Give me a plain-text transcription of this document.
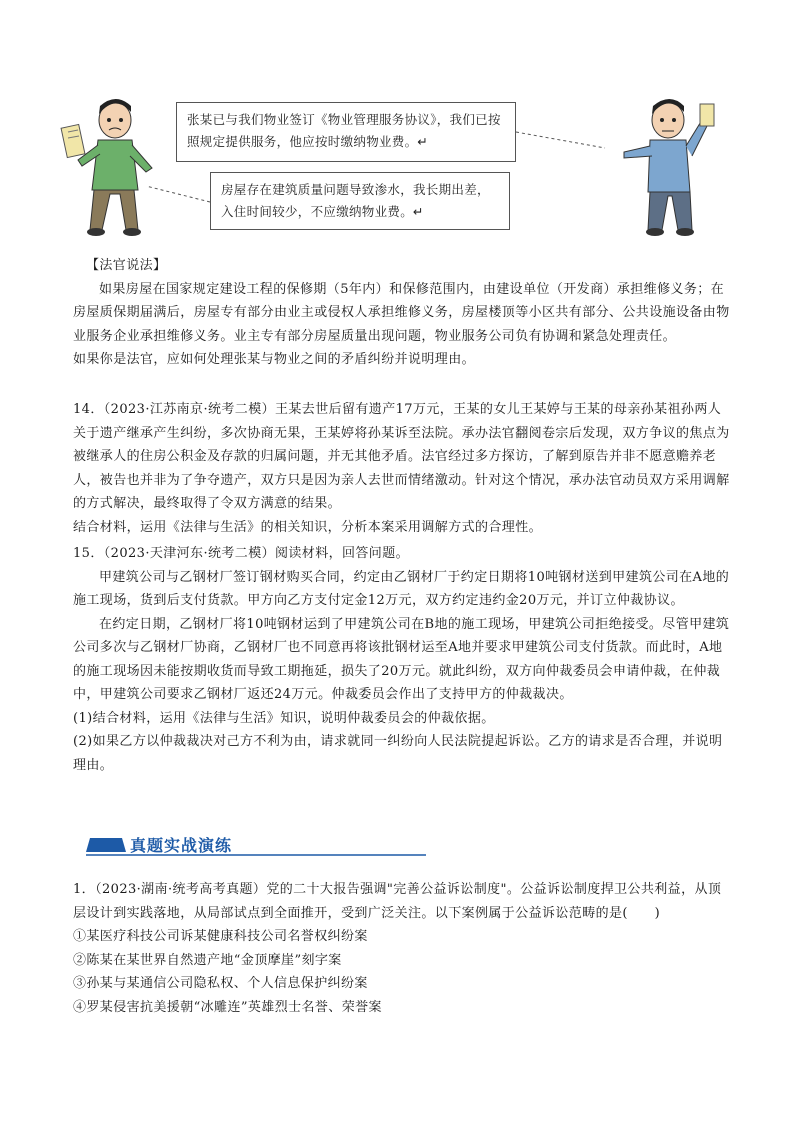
张某已与我们物业签订《物业管理服务协议》，我们已按照规定提供服务，他应按时缴纳物业费。↵
房屋存在建筑质量问题导致渗水，我长期出差，入住时间较少，不应缴纳物业费。↵

【法官说法】

如果房屋在国家规定建设工程的保修期（5年内）和保修范围内，由建设单位（开发商）承担维修义务；在房屋质保期届满后，房屋专有部分由业主或侵权人承担维修义务，房屋楼顶等小区共有部分、公共设施设备由物业服务企业承担维修义务。业主专有部分房屋质量出现问题，物业服务公司负有协调和紧急处理责任。

如果你是法官，应如何处理张某与物业之间的矛盾纠纷并说明理由。

14．（2023·江苏南京·统考二模）王某去世后留有遗产17万元，王某的女儿王某婷与王某的母亲孙某祖孙两人关于遗产继承产生纠纷，多次协商无果，王某婷将孙某诉至法院。承办法官翻阅卷宗后发现，双方争议的焦点为被继承人的住房公积金及存款的归属问题，并无其他矛盾。法官经过多方探访，了解到原告并非不愿意赡养老人，被告也并非为了争夺遗产，双方只是因为亲人去世而情绪激动。针对这个情况，承办法官动员双方采用调解的方式解决，最终取得了令双方满意的结果。

结合材料，运用《法律与生活》的相关知识，分析本案采用调解方式的合理性。

15．（2023·天津河东·统考二模）阅读材料，回答问题。

甲建筑公司与乙钢材厂签订钢材购买合同，约定由乙钢材厂于约定日期将10吨钢材送到甲建筑公司在A地的施工现场，货到后支付货款。甲方向乙方支付定金12万元，双方约定违约金20万元，并订立仲裁协议。

在约定日期，乙钢材厂将10吨钢材运到了甲建筑公司在B地的施工现场，甲建筑公司拒绝接受。尽管甲建筑公司多次与乙钢材厂协商，乙钢材厂也不同意再将该批钢材运至A地并要求甲建筑公司支付货款。而此时，A地的施工现场因未能按期收货而导致工期拖延，损失了20万元。就此纠纷，双方向仲裁委员会申请仲裁，在仲裁中，甲建筑公司要求乙钢材厂返还24万元。仲裁委员会作出了支持甲方的仲裁裁决。

(1)结合材料，运用《法律与生活》知识，说明仲裁委员会的仲裁依据。

(2)如果乙方以仲裁裁决对己方不利为由，请求就同一纠纷向人民法院提起诉讼。乙方的请求是否合理，并说明理由。

真题实战演练

1．（2023·湖南·统考高考真题）党的二十大报告强调"完善公益诉讼制度"。公益诉讼制度捍卫公共利益，从顶层设计到实践落地，从局部试点到全面推开，受到广泛关注。以下案例属于公益诉讼范畴的是(　　)

①某医疗科技公司诉某健康科技公司名誉权纠纷案

②陈某在某世界自然遗产地“金顶摩崖”刻字案

③孙某与某通信公司隐私权、个人信息保护纠纷案

④罗某侵害抗美援朝“冰雕连”英雄烈士名誉、荣誉案
